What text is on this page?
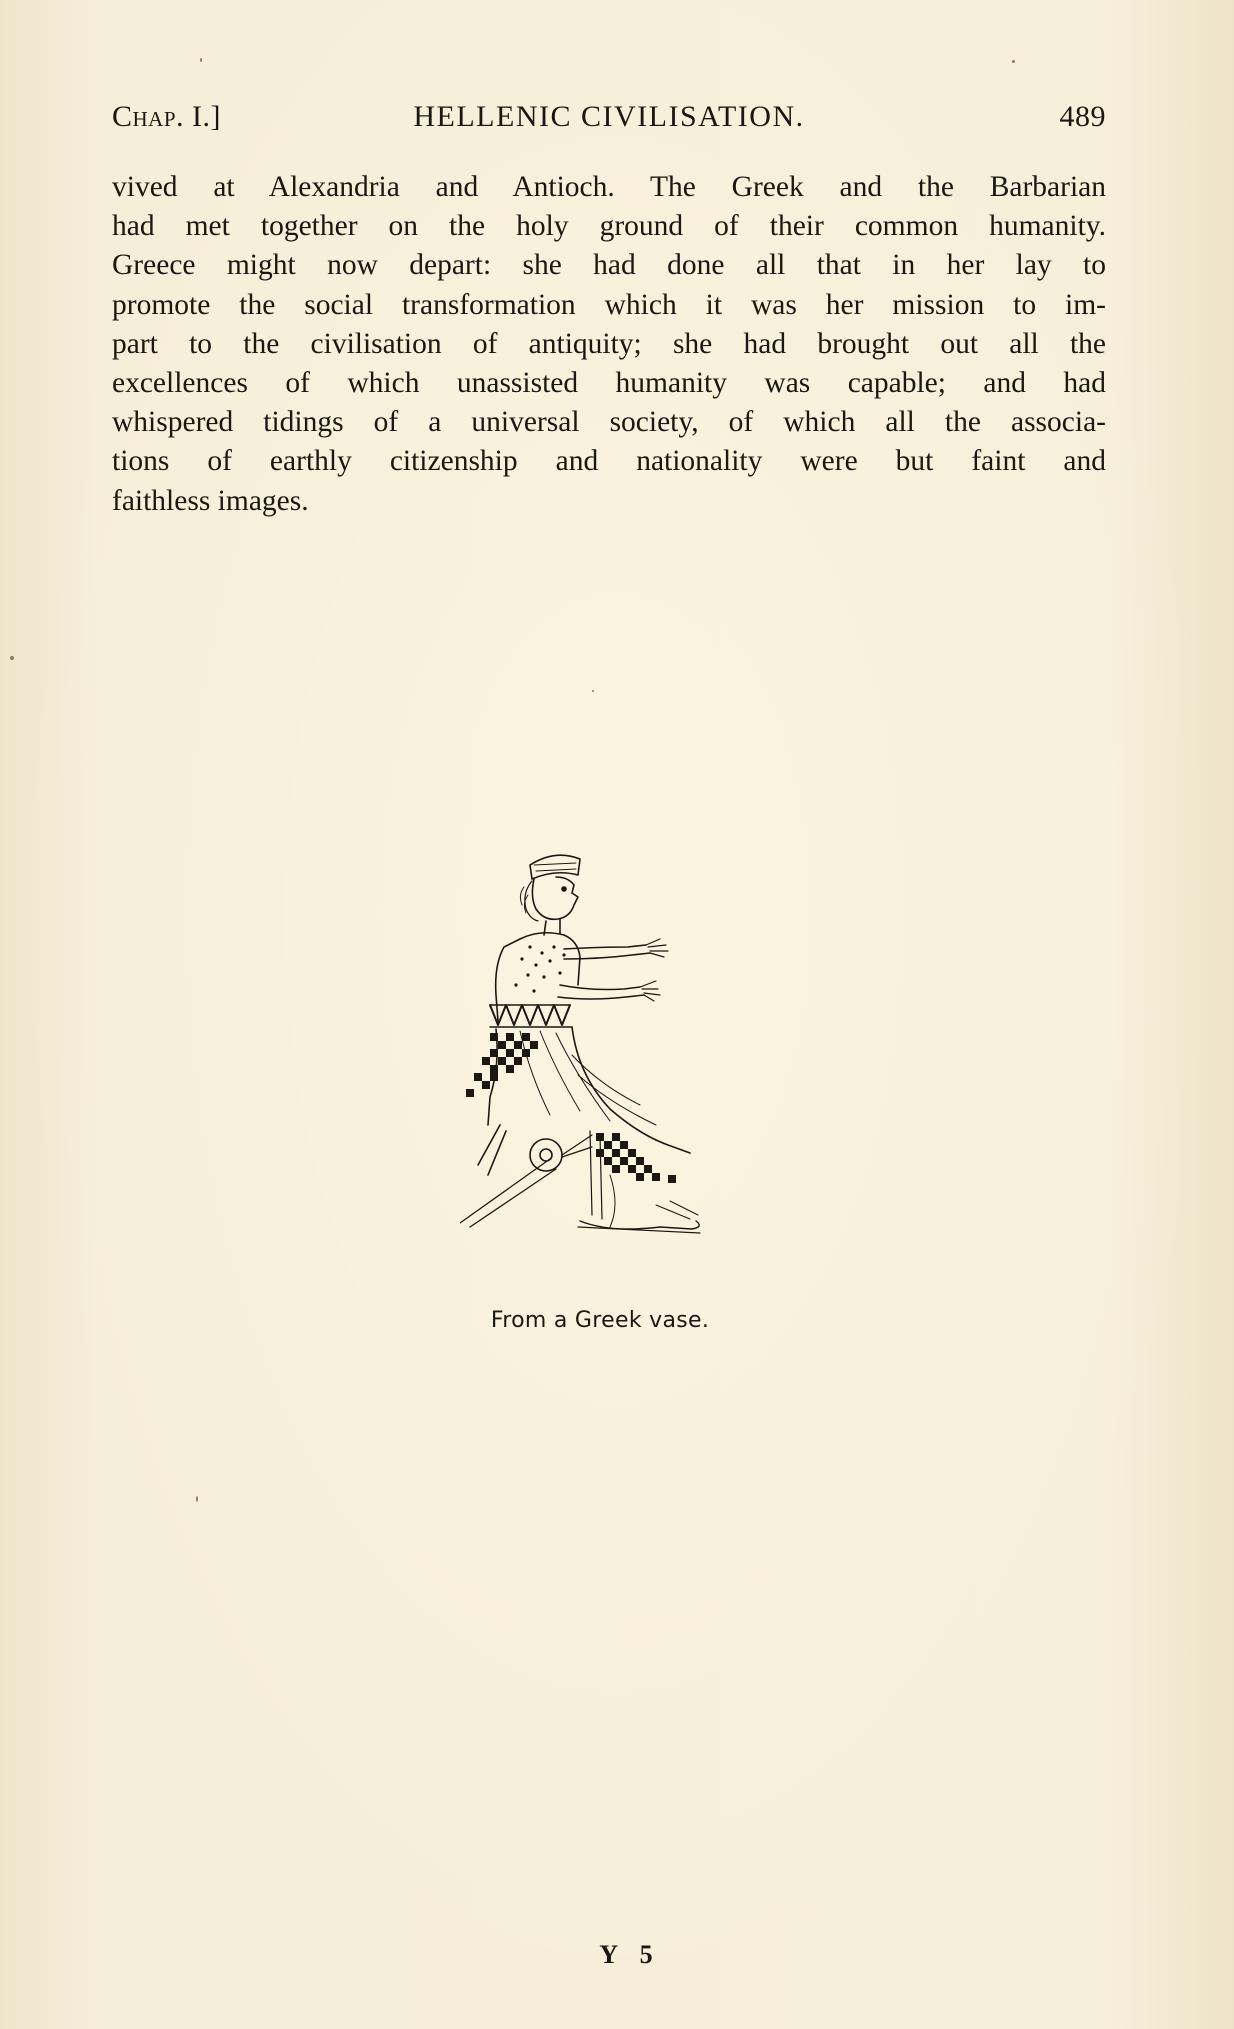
Chap. I.]	HELLENIC CIVILISATION.	489
vived at Alexandria and Antioch. The Greek and the Barbarian
had met together on the holy ground of their common humanity.
Greece might now depart: she had done all that in her lay to
promote the social transformation which it was her mission to im-
part to the civilisation of antiquity; she had brought out all the
excellences of which unassisted humanity was capable; and had
whispered tidings of a universal society, of which all the associa-
tions of earthly citizenship and nationality were but faint and
faithless images.
From a Greek vase.
Y 5
